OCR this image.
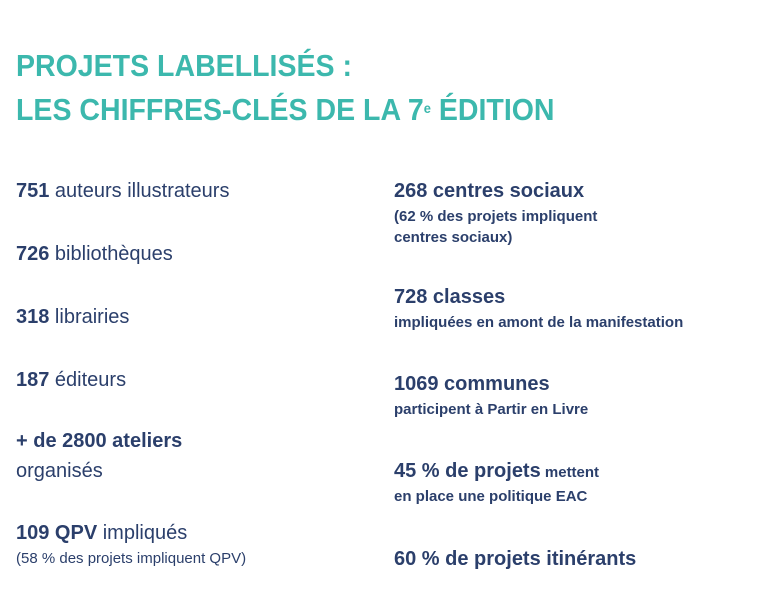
PROJETS LABELLISÉS :
LES CHIFFRES-CLÉS DE LA 7e ÉDITION
751 auteurs illustrateurs
726 bibliothèques
318 librairies
187 éditeurs
+ de 2800 ateliers
organisés
109 QPV impliqués
(58 % des projets impliquent QPV)
268 centres sociaux
(62 % des projets impliquent
centres sociaux)
728 classes
impliquées en amont de la manifestation
1069 communes
participent à Partir en Livre
45 % de projets mettent
en place une politique EAC
60 % de projets itinérants
